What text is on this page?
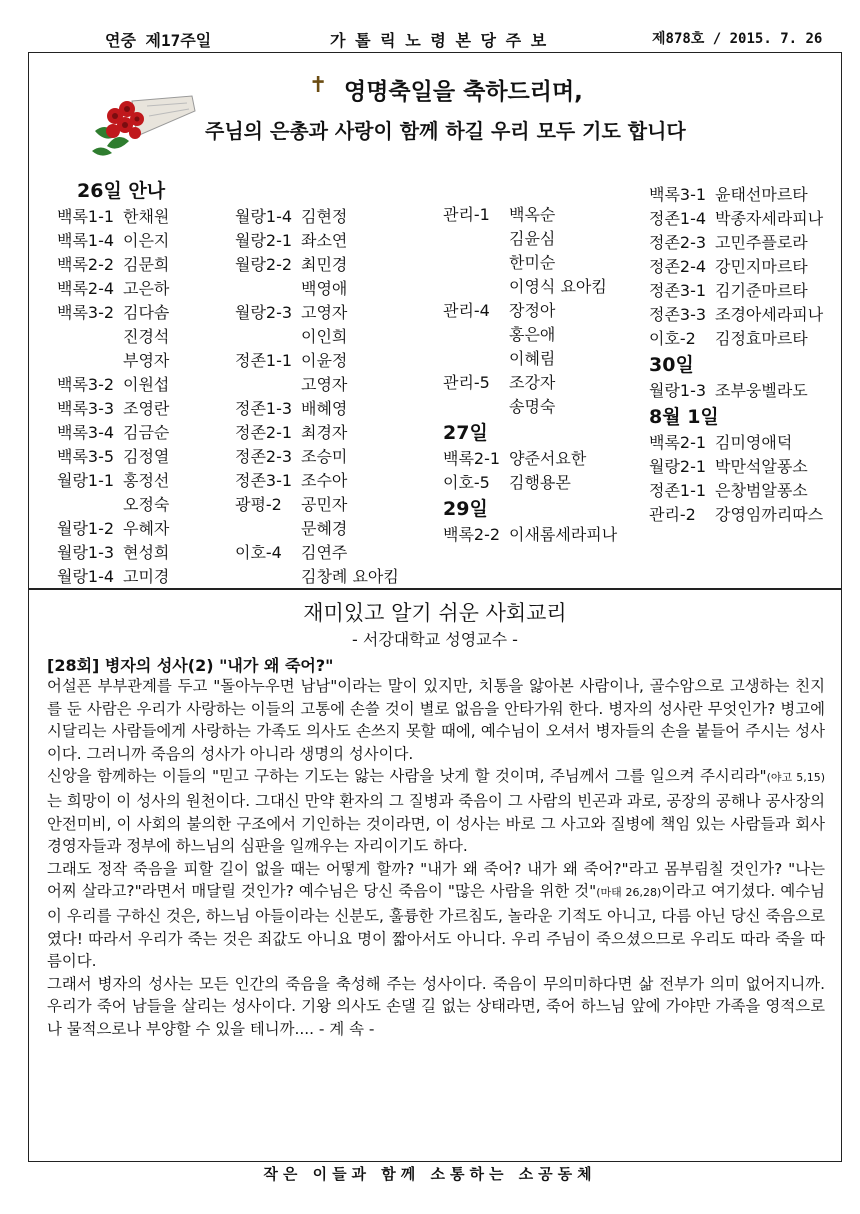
연중 제17주일	가 톨 릭 노 령 본 당 주 보	제878호 / 2015. 7. 26
✝ 영명축일을 축하드리며,
주님의 은총과 사랑이 함께 하길 우리 모두 기도 합니다
26일 안나
백록1-1 한채원
백록1-4 이은지
백록2-2 김문희
백록2-4 고은하
백록3-2 김다솜
진경석
부영자
백록3-2 이원섭
백록3-3 조영란
백록3-4 김금순
백록3-5 김정열
월랑1-1 홍정선
오정숙
월랑1-2 우혜자
월랑1-3 현성희
월랑1-4 고미경
월랑1-4 김현정
월랑2-1 좌소연
월랑2-2 최민경
백영애
월랑2-3 고영자
이인희
정존1-1 이윤정
고영자
정존1-3 배혜영
정존2-1 최경자
정존2-3 조승미
정존3-1 조수아
광평-2 공민자
문혜경
이호-4 김연주
김창례 요아킴
관리-1 백옥순
김윤심
한미순
이영식 요아킴
관리-4 장정아
홍은애
이혜림
관리-5 조강자
송명숙
27일
백록2-1 양준서요한
이호-5 김행용몬
29일
백록2-2 이새롬세라피나
백록3-1 윤태선마르타
정존1-4 박종자세라피나
정존2-3 고민주플로라
정존2-4 강민지마르타
정존3-1 김기준마르타
정존3-3 조경아세라피나
이호-2 김정효마르타
30일
월랑1-3 조부웅벨라도
8월 1일
백록2-1 김미영애덕
월랑2-1 박만석알퐁소
정존1-1 은창범알퐁소
관리-2 강영임까리따스
재미있고 알기 쉬운 사회교리
- 서강대학교 성영교수 -
[28회] 병자의 성사(2) "내가 왜 죽어?"

어설픈 부부관계를 두고 "돌아누우면 남남"이라는 말이 있지만, 치통을 앓아본 사람이나, 골수암으로 고생하는 친지를 둔 사람은 우리가 사랑하는 이들의 고통에 손쓸 것이 별로 없음을 안타가워 한다. 병자의 성사란 무엇인가? 병고에 시달리는 사람들에게 사랑하는 가족도 의사도 손쓰지 못할 때에, 예수님이 오셔서 병자들의 손을 붙들어 주시는 성사이다. 그러니까 죽음의 성사가 아니라 생명의 성사이다.

신앙을 함께하는 이들의 "믿고 구하는 기도는 앓는 사람을 낫게 할 것이며, 주님께서 그를 일으켜 주시리라"(야고 5,15)는 희망이 이 성사의 원천이다. 그대신 만약 환자의 그 질병과 죽음이 그 사람의 빈곤과 과로, 공장의 공해나 공사장의 안전미비, 이 사회의 불의한 구조에서 기인하는 것이라면, 이 성사는 바로 그 사고와 질병에 책임 있는 사람들과 회사경영자들과 정부에 하느님의 심판을 일깨우는 자리이기도 하다.

그래도 정작 죽음을 피할 길이 없을 때는 어떻게 할까? "내가 왜 죽어? 내가 왜 죽어?"라고 몸부림칠 것인가? "나는 어찌 살라고?"라면서 매달릴 것인가? 예수님은 당신 죽음이 "많은 사람을 위한 것"(마태 26,28)이라고 여기셨다. 예수님이 우리를 구하신 것은, 하느님 아들이라는 신분도, 훌륭한 가르침도, 놀라운 기적도 아니고, 다름 아닌 당신 죽음으로였다! 따라서 우리가 죽는 것은 죄값도 아니요 명이 짧아서도 아니다. 우리 주님이 죽으셨으므로 우리도 따라 죽을 따름이다.

그래서 병자의 성사는 모든 인간의 죽음을 축성해 주는 성사이다. 죽음이 무의미하다면 삶 전부가 의미 없어지니까. 우리가 죽어 남들을 살리는 성사이다. 기왕 의사도 손댈 길 없는 상태라면, 죽어 하느님 앞에 가야만 가족을 영적으로나 물적으로나 부양할 수 있을 테니까.... - 계 속 -

작은 이들과 함께 소통하는 소공동체
